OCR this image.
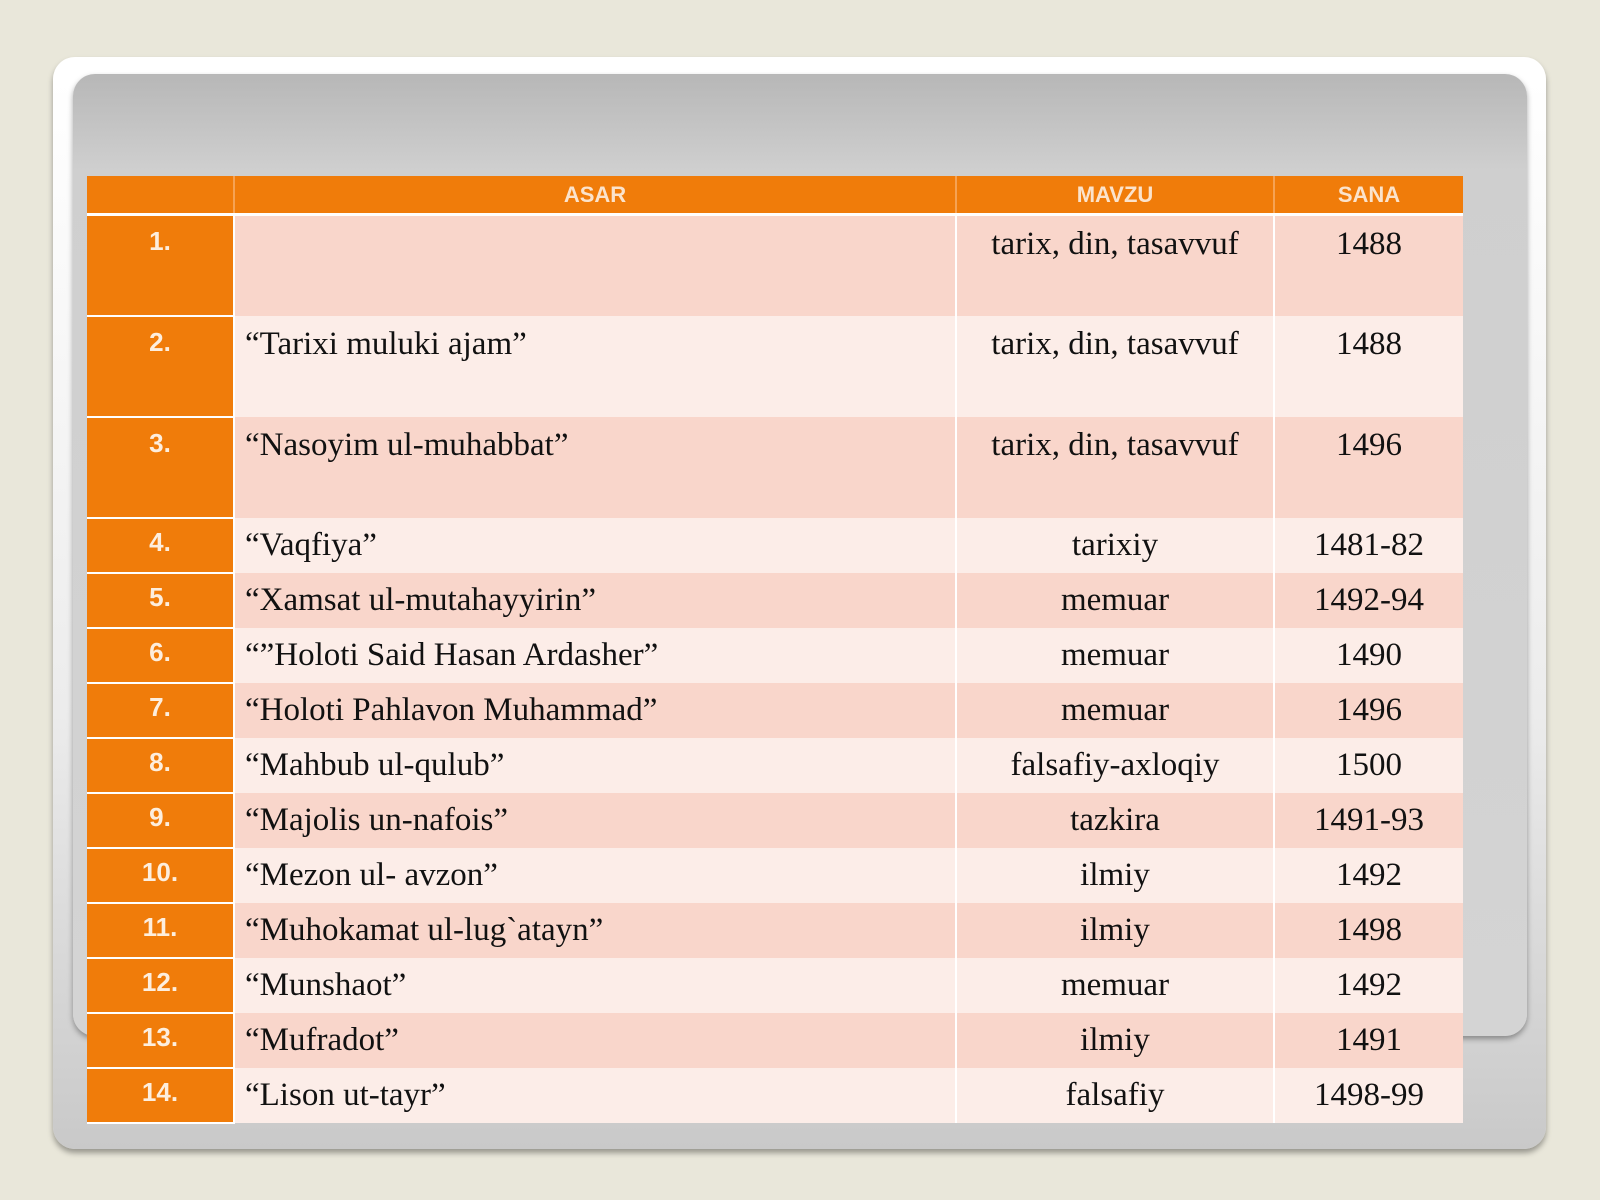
	ASAR	MAVZU	SANA
1.		tarix, din, tasavvuf	1488
2.	“Tarixi muluki ajam”	tarix, din, tasavvuf	1488
3.	“Nasoyim ul-muhabbat”	tarix, din, tasavvuf	1496
4.	“Vaqfiya”	tarixiy	1481-82
5.	“Xamsat ul-mutahayyirin”	memuar	1492-94
6.	“”Holoti Said Hasan Ardasher”	memuar	1490
7.	“Holoti Pahlavon Muhammad”	memuar	1496
8.	“Mahbub ul-qulub”	falsafiy-axloqiy	1500
9.	“Majolis un-nafois”	tazkira	1491-93
10.	“Mezon ul- avzon”	ilmiy	1492
11.	“Muhokamat ul-lug`atayn”	ilmiy	1498
12.	“Munshaot”	memuar	1492
13.	“Mufradot”	ilmiy	1491
14.	“Lison ut-tayr”	falsafiy	1498-99
